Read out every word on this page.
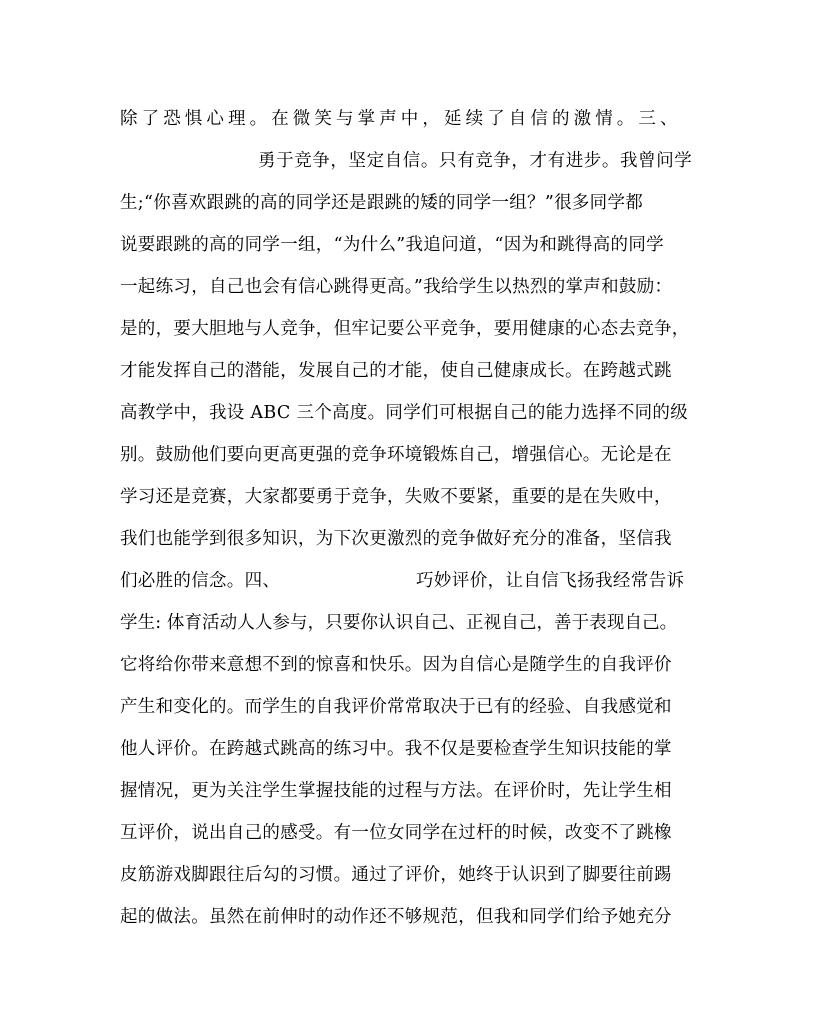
除了恐惧心理。在微笑与掌声中，延续了自信的激情。三、
勇于竞争，坚定自信。只有竞争，才有进步。我曾问学
生;“你喜欢跟跳的高的同学还是跟跳的矮的同学一组？”很多同学都
说要跟跳的高的同学一组，“为什么”我追问道，“因为和跳得高的同学
一起练习，自己也会有信心跳得更高。”我给学生以热烈的掌声和鼓励：
是的，要大胆地与人竞争，但牢记要公平竞争，要用健康的心态去竞争，
才能发挥自己的潜能，发展自己的才能，使自己健康成长。在跨越式跳
高教学中，我设 ABC 三个高度。同学们可根据自己的能力选择不同的级
别。鼓励他们要向更高更强的竞争环境锻炼自己，增强信心。无论是在
学习还是竞赛，大家都要勇于竞争，失败不要紧，重要的是在失败中，
我们也能学到很多知识，为下次更激烈的竞争做好充分的准备，坚信我
们必胜的信念。四、	巧妙评价，让自信飞扬我经常告诉
学生: 体育活动人人参与，只要你认识自己、正视自己，善于表现自己。
它将给你带来意想不到的惊喜和快乐。因为自信心是随学生的自我评价
产生和变化的。而学生的自我评价常常取决于已有的经验、自我感觉和
他人评价。在跨越式跳高的练习中。我不仅是要检查学生知识技能的掌
握情况，更为关注学生掌握技能的过程与方法。在评价时，先让学生相
互评价，说出自己的感受。有一位女同学在过杆的时候，改变不了跳橡
皮筋游戏脚跟往后勾的习惯。通过了评价，她终于认识到了脚要往前踢
起的做法。虽然在前伸时的动作还不够规范，但我和同学们给予她充分
